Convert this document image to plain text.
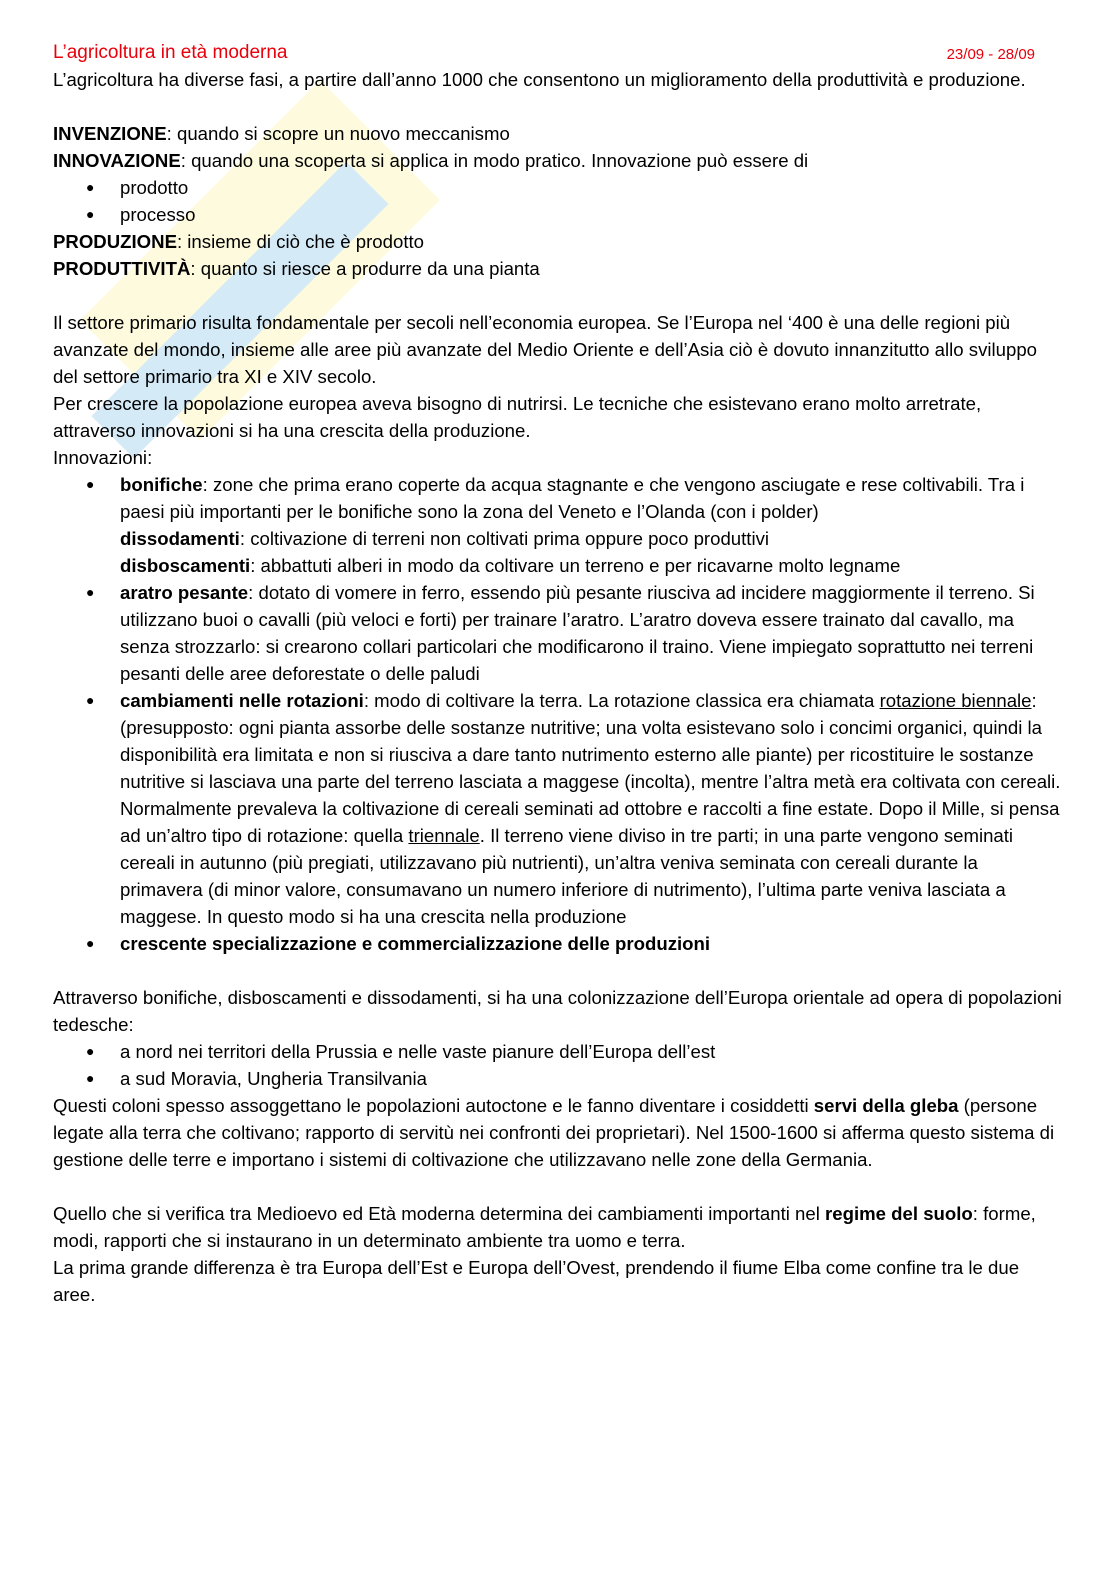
L’agricoltura in età moderna	23/09 - 28/09

L’agricoltura ha diverse fasi, a partire dall’anno 1000 che consentono un miglioramento della produttività e produzione.

INVENZIONE: quando si scopre un nuovo meccanismo

INNOVAZIONE: quando una scoperta si applica in modo pratico. Innovazione può essere di

● prodotto
● processo

PRODUZIONE: insieme di ciò che è prodotto

PRODUTTIVITÀ: quanto si riesce a produrre da una pianta

Il settore primario risulta fondamentale per secoli nell’economia europea. Se l’Europa nel ‘400 è una delle regioni più avanzate del mondo, insieme alle aree più avanzate del Medio Oriente e dell’Asia ciò è dovuto innanzitutto allo sviluppo del settore primario tra XI e XIV secolo.

Per crescere la popolazione europea aveva bisogno di nutrirsi. Le tecniche che esistevano erano molto arretrate, attraverso innovazioni si ha una crescita della produzione.

Innovazioni:

● bonifiche: zone che prima erano coperte da acqua stagnante e che vengono asciugate e rese coltivabili. Tra i paesi più importanti per le bonifiche sono la zona del Veneto e l’Olanda (con i polder)
dissodamenti: coltivazione di terreni non coltivati prima oppure poco produttivi
disboscamenti: abbattuti alberi in modo da coltivare un terreno e per ricavarne molto legname
● aratro pesante: dotato di vomere in ferro, essendo più pesante riusciva ad incidere maggiormente il terreno. Si utilizzano buoi o cavalli (più veloci e forti) per trainare l’aratro. L’aratro doveva essere trainato dal cavallo, ma senza strozzarlo: si crearono collari particolari che modificarono il traino. Viene impiegato soprattutto nei terreni pesanti delle aree deforestate o delle paludi
● cambiamenti nelle rotazioni: modo di coltivare la terra. La rotazione classica era chiamata rotazione biennale: (presupposto: ogni pianta assorbe delle sostanze nutritive; una volta esistevano solo i concimi organici, quindi la disponibilità era limitata e non si riusciva a dare tanto nutrimento esterno alle piante) per ricostituire le sostanze nutritive si lasciava una parte del terreno lasciata a maggese (incolta), mentre l’altra metà era coltivata con cereali. Normalmente prevaleva la coltivazione di cereali seminati ad ottobre e raccolti a fine estate. Dopo il Mille, si pensa ad un’altro tipo di rotazione: quella triennale. Il terreno viene diviso in tre parti; in una parte vengono seminati cereali in autunno (più pregiati, utilizzavano più nutrienti), un’altra veniva seminata con cereali durante la primavera (di minor valore, consumavano un numero inferiore di nutrimento), l’ultima parte veniva lasciata a maggese. In questo modo si ha una crescita nella produzione
● crescente specializzazione e commercializzazione delle produzioni

Attraverso bonifiche, disboscamenti e dissodamenti, si ha una colonizzazione dell’Europa orientale ad opera di popolazioni tedesche:

● a nord nei territori della Prussia e nelle vaste pianure dell’Europa dell’est
● a sud Moravia, Ungheria Transilvania

Questi coloni spesso assoggettano le popolazioni autoctone e le fanno diventare i cosiddetti servi della gleba (persone legate alla terra che coltivano; rapporto di servitù nei confronti dei proprietari). Nel 1500-1600 si afferma questo sistema di gestione delle terre e importano i sistemi di coltivazione che utilizzavano nelle zone della Germania.

Quello che si verifica tra Medioevo ed Età moderna determina dei cambiamenti importanti nel regime del suolo: forme, modi, rapporti che si instaurano in un determinato ambiente tra uomo e terra.

La prima grande differenza è tra Europa dell’Est e Europa dell’Ovest, prendendo il fiume Elba come confine tra le due aree.
